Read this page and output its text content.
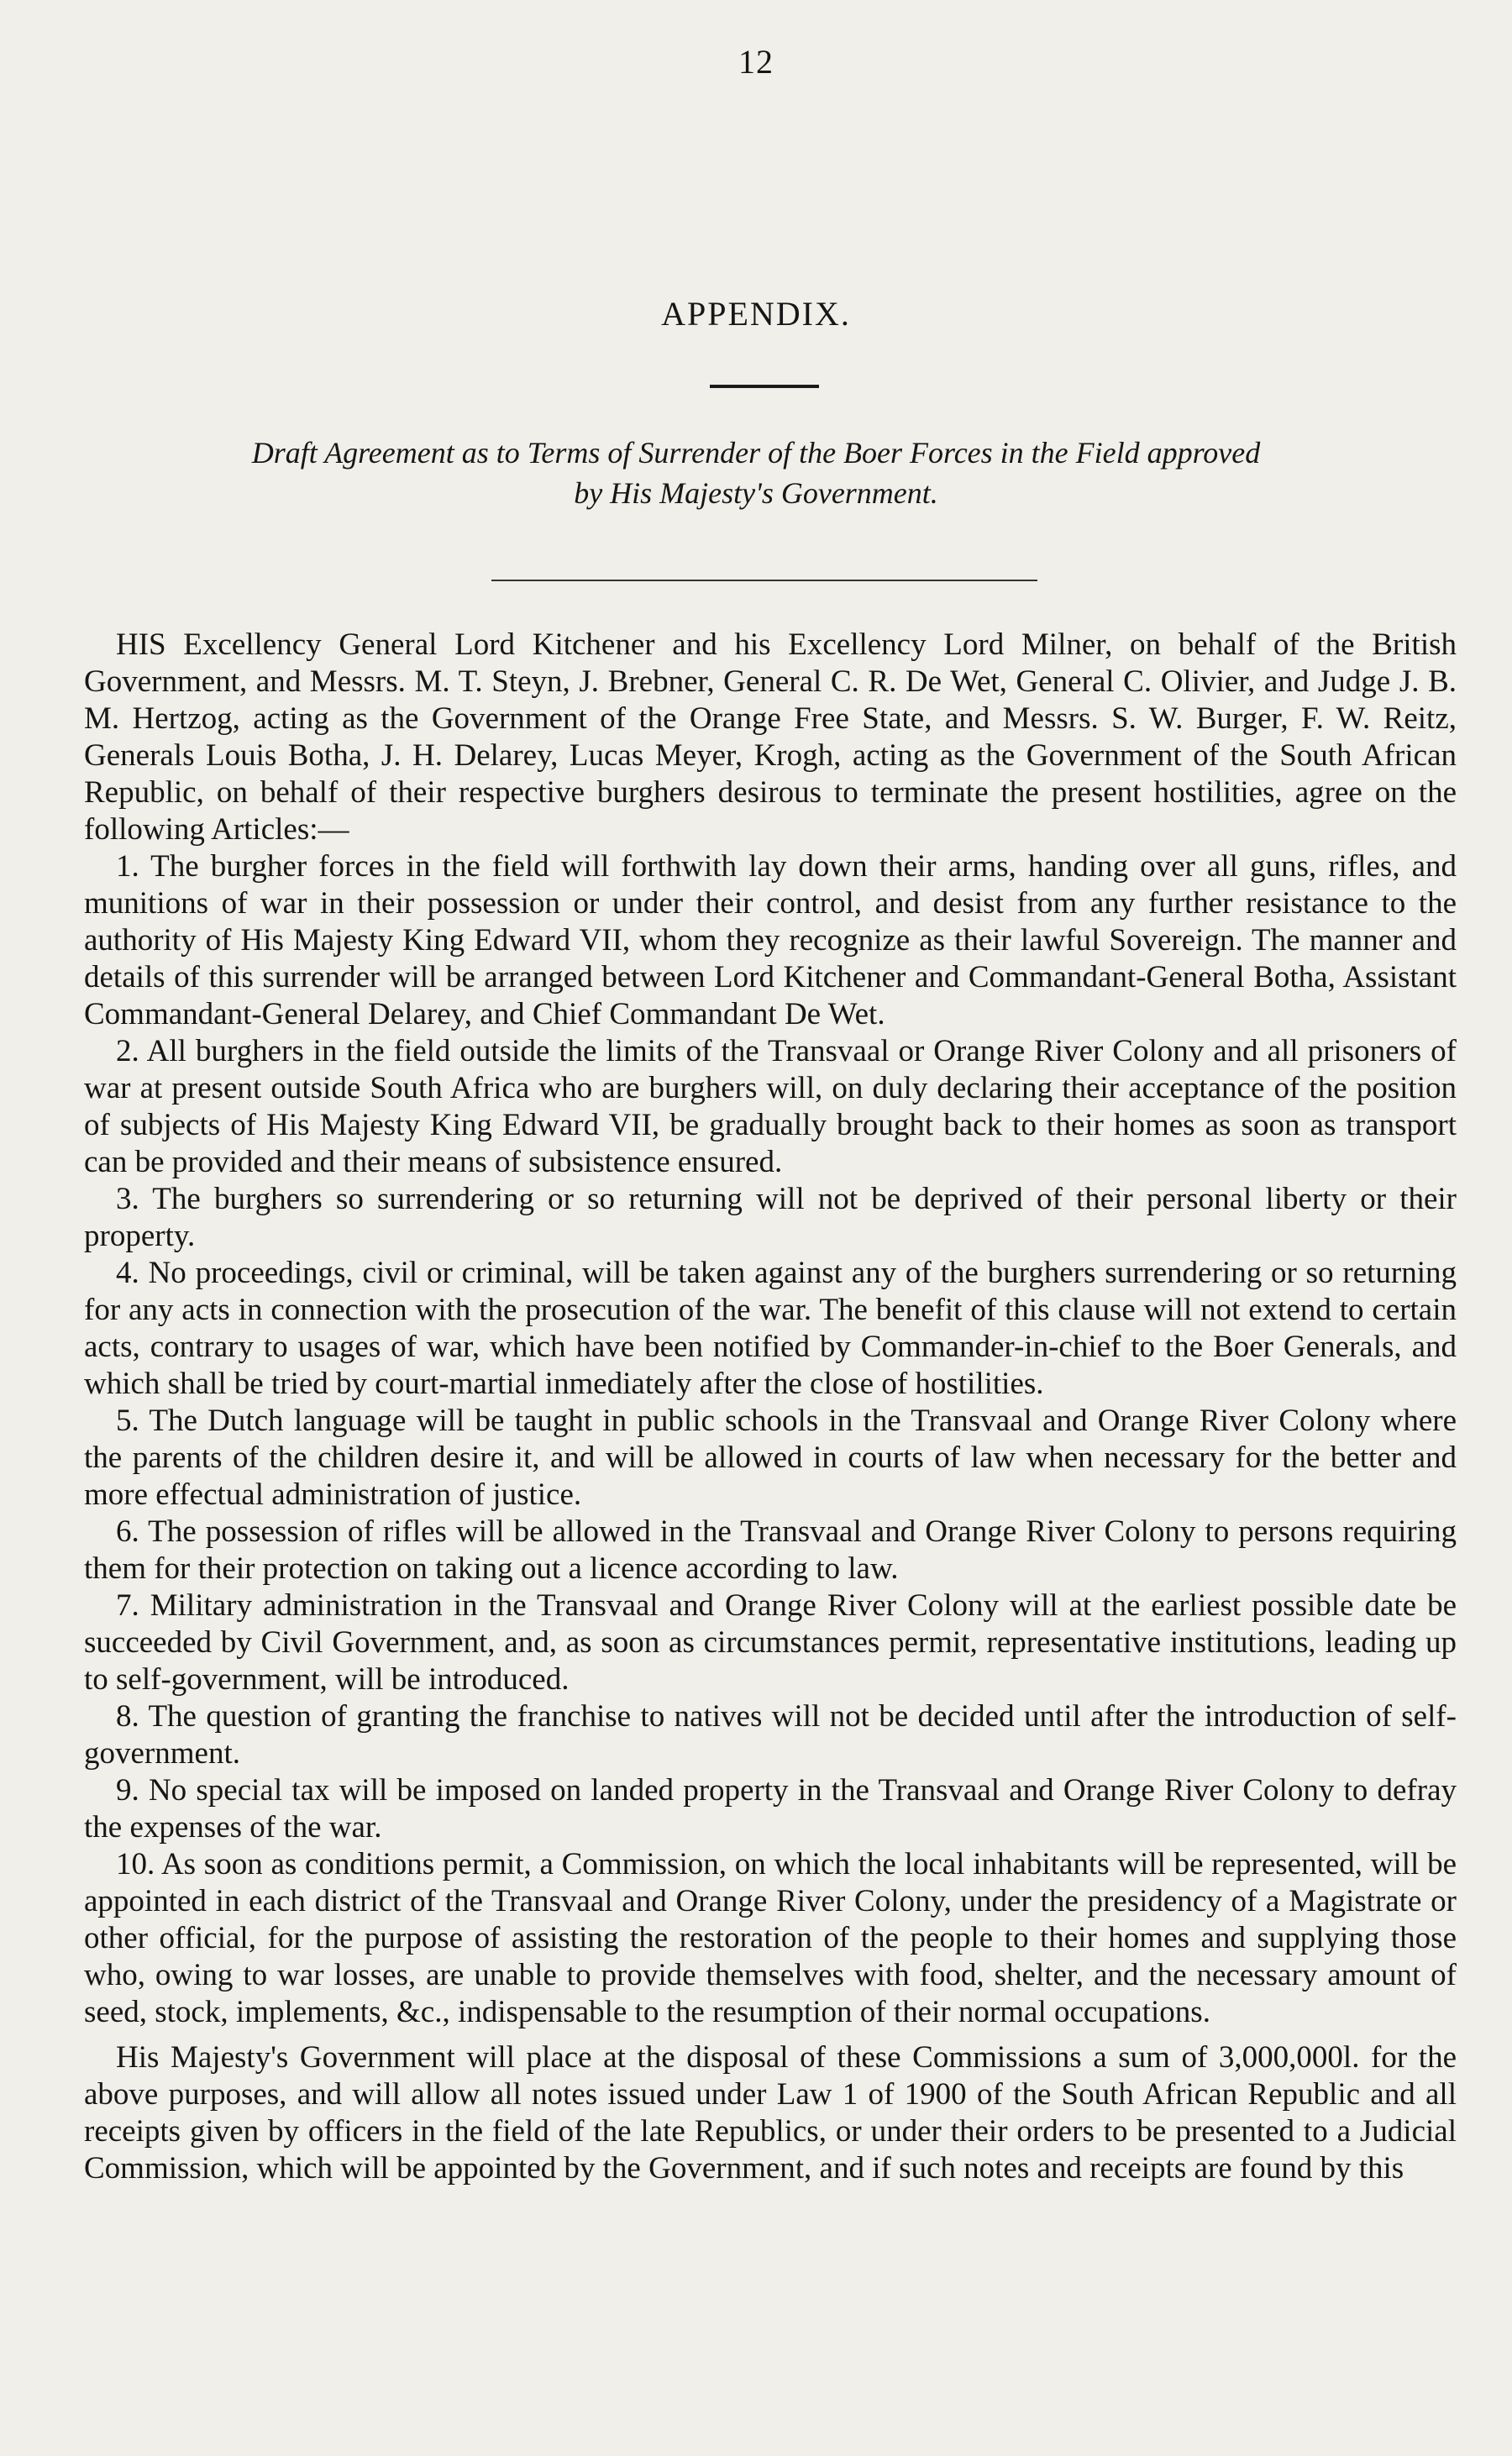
12
APPENDIX.
Draft Agreement as to Terms of Surrender of the Boer Forces in the Field approved
by His Majesty's Government.

HIS Excellency General Lord Kitchener and his Excellency Lord Milner, on behalf of the British Government, and Messrs. M. T. Steyn, J. Brebner, General C. R. De Wet, General C. Olivier, and Judge J. B. M. Hertzog, acting as the Government of the Orange Free State, and Messrs. S. W. Burger, F. W. Reitz, Generals Louis Botha, J. H. Delarey, Lucas Meyer, Krogh, acting as the Government of the South African Republic, on behalf of their respective burghers desirous to terminate the present hostilities, agree on the following Articles:—

1. The burgher forces in the field will forthwith lay down their arms, handing over all guns, rifles, and munitions of war in their possession or under their control, and desist from any further resistance to the authority of His Majesty King Edward VII, whom they recognize as their lawful Sovereign. The manner and details of this surrender will be arranged between Lord Kitchener and Commandant-General Botha, Assistant Commandant-General Delarey, and Chief Commandant De Wet.

2. All burghers in the field outside the limits of the Transvaal or Orange River Colony and all prisoners of war at present outside South Africa who are burghers will, on duly declaring their acceptance of the position of subjects of His Majesty King Edward VII, be gradually brought back to their homes as soon as transport can be provided and their means of subsistence ensured.

3. The burghers so surrendering or so returning will not be deprived of their personal liberty or their property.

4. No proceedings, civil or criminal, will be taken against any of the burghers surrendering or so returning for any acts in connection with the prosecution of the war. The benefit of this clause will not extend to certain acts, contrary to usages of war, which have been notified by Commander-in-chief to the Boer Generals, and which shall be tried by court-martial inmediately after the close of hostilities.

5. The Dutch language will be taught in public schools in the Transvaal and Orange River Colony where the parents of the children desire it, and will be allowed in courts of law when necessary for the better and more effectual administration of justice.

6. The possession of rifles will be allowed in the Transvaal and Orange River Colony to persons requiring them for their protection on taking out a licence according to law.

7. Military administration in the Transvaal and Orange River Colony will at the earliest possible date be succeeded by Civil Government, and, as soon as circumstances permit, representative institutions, leading up to self-government, will be introduced.

8. The question of granting the franchise to natives will not be decided until after the introduction of self-government.

9. No special tax will be imposed on landed property in the Transvaal and Orange River Colony to defray the expenses of the war.

10. As soon as conditions permit, a Commission, on which the local inhabitants will be represented, will be appointed in each district of the Transvaal and Orange River Colony, under the presidency of a Magistrate or other official, for the purpose of assisting the restoration of the people to their homes and supplying those who, owing to war losses, are unable to provide themselves with food, shelter, and the necessary amount of seed, stock, implements, &c., indispensable to the resumption of their normal occupations.

His Majesty's Government will place at the disposal of these Commissions a sum of 3,000,000l. for the above purposes, and will allow all notes issued under Law 1 of 1900 of the South African Republic and all receipts given by officers in the field of the late Republics, or under their orders to be presented to a Judicial Commission, which will be appointed by the Government, and if such notes and receipts are found by this
